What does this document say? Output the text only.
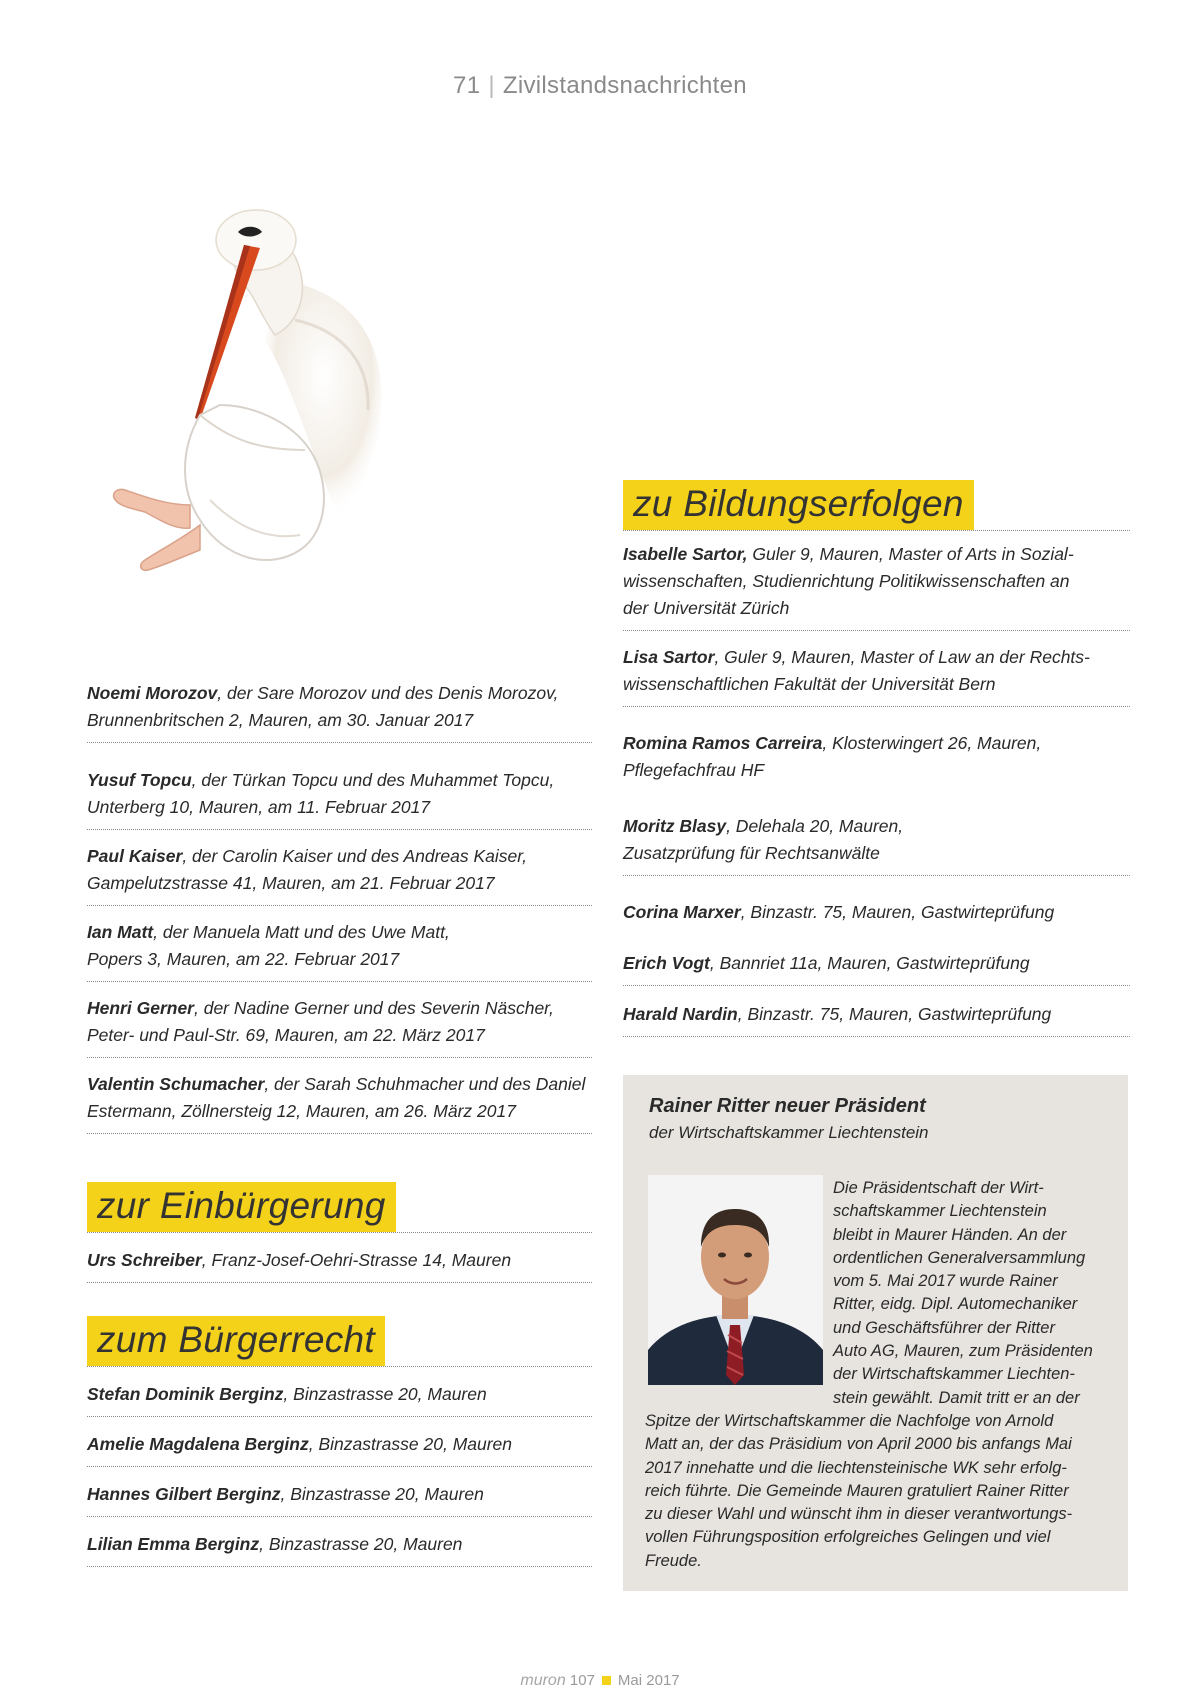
71 | Zivilstandsnachrichten
Noemi Morozov, der Sare Morozov und des Denis Morozov,
Brunnenbritschen 2, Mauren, am 30. Januar 2017
Yusuf Topcu, der Türkan Topcu und des Muhammet Topcu,
Unterberg 10, Mauren, am 11. Februar 2017
Paul Kaiser, der Carolin Kaiser und des Andreas Kaiser,
Gampelutzstrasse 41, Mauren, am 21. Februar 2017
Ian Matt, der Manuela Matt und des Uwe Matt,
Popers 3, Mauren, am 22. Februar 2017
Henri Gerner, der Nadine Gerner und des Severin Näscher,
Peter- und Paul-Str. 69, Mauren, am 22. März 2017
Valentin Schumacher, der Sarah Schuhmacher und des Daniel
Estermann, Zöllnersteig 12, Mauren, am 26. März 2017
zur Einbürgerung
Urs Schreiber, Franz-Josef-Oehri-Strasse 14, Mauren
zum Bürgerrecht
Stefan Dominik Berginz, Binzastrasse 20, Mauren
Amelie Magdalena Berginz, Binzastrasse 20, Mauren
Hannes Gilbert Berginz, Binzastrasse 20, Mauren
Lilian Emma Berginz, Binzastrasse 20, Mauren
zu Bildungserfolgen
Isabelle Sartor, Guler 9, Mauren, Master of Arts in Sozial-
wissenschaften, Studienrichtung Politikwissenschaften an
der Universität Zürich
Lisa Sartor, Guler 9, Mauren, Master of Law an der Rechts-
wissenschaftlichen Fakultät der Universität Bern
Romina Ramos Carreira, Klosterwingert 26, Mauren,
Pflegefachfrau HF
Moritz Blasy, Delehala 20, Mauren,
Zusatzprüfung für Rechtsanwälte
Corina Marxer, Binzastr. 75, Mauren, Gastwirteprüfung
Erich Vogt, Bannriet 11a, Mauren, Gastwirteprüfung
Harald Nardin, Binzastr. 75, Mauren, Gastwirteprüfung
Rainer Ritter neuer Präsident
der Wirtschaftskammer Liechtenstein
Die Präsidentschaft der Wirt-
schaftskammer Liechtenstein
bleibt in Maurer Händen. An der
ordentlichen Generalversammlung
vom 5. Mai 2017 wurde Rainer
Ritter, eidg. Dipl. Automechaniker
und Geschäftsführer der Ritter
Auto AG, Mauren, zum Präsidenten
der Wirtschaftskammer Liechten-
stein gewählt. Damit tritt er an der
Spitze der Wirtschaftskammer die Nachfolge von Arnold
Matt an, der das Präsidium von April 2000 bis anfangs Mai
2017 innehatte und die liechtensteinische WK sehr erfolg-
reich führte. Die Gemeinde Mauren gratuliert Rainer Ritter
zu dieser Wahl und wünscht ihm in dieser verantwortungs-
vollen Führungsposition erfolgreiches Gelingen und viel
Freude.
muron 107 Mai 2017
